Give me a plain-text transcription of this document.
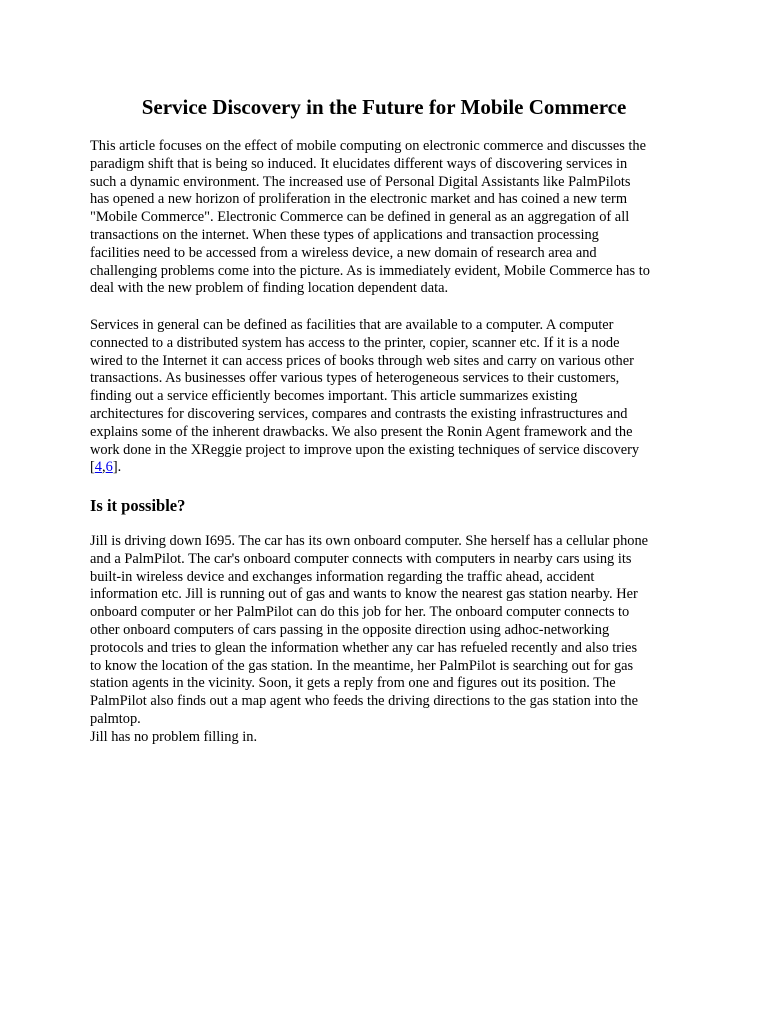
Service Discovery in the Future for Mobile Commerce
This article focuses on the effect of mobile computing on electronic commerce and discusses the
paradigm shift that is being so induced. It elucidates different ways of discovering services in
such a dynamic environment. The increased use of Personal Digital Assistants like PalmPilots
has opened a new horizon of proliferation in the electronic market and has coined a new term
"Mobile Commerce". Electronic Commerce can be defined in general as an aggregation of all
transactions on the internet. When these types of applications and transaction processing
facilities need to be accessed from a wireless device, a new domain of research area and
challenging problems come into the picture. As is immediately evident, Mobile Commerce has to
deal with the new problem of finding location dependent data.
Services in general can be defined as facilities that are available to a computer. A computer
connected to a distributed system has access to the printer, copier, scanner etc. If it is a node
wired to the Internet it can access prices of books through web sites and carry on various other
transactions. As businesses offer various types of heterogeneous services to their customers,
finding out a service efficiently becomes important. This article summarizes existing
architectures for discovering services, compares and contrasts the existing infrastructures and
explains some of the inherent drawbacks. We also present the Ronin Agent framework and the
work done in the XReggie project to improve upon the existing techniques of service discovery
[4,6].
Is it possible?
Jill is driving down I695. The car has its own onboard computer. She herself has a cellular phone
and a PalmPilot. The car's onboard computer connects with computers in nearby cars using its
built-in wireless device and exchanges information regarding the traffic ahead, accident
information etc. Jill is running out of gas and wants to know the nearest gas station nearby. Her
onboard computer or her PalmPilot can do this job for her. The onboard computer connects to
other onboard computers of cars passing in the opposite direction using adhoc-networking
protocols and tries to glean the information whether any car has refueled recently and also tries
to know the location of the gas station. In the meantime, her PalmPilot is searching out for gas
station agents in the vicinity. Soon, it gets a reply from one and figures out its position. The
PalmPilot also finds out a map agent who feeds the driving directions to the gas station into the
palmtop.
Jill has no problem filling in.
